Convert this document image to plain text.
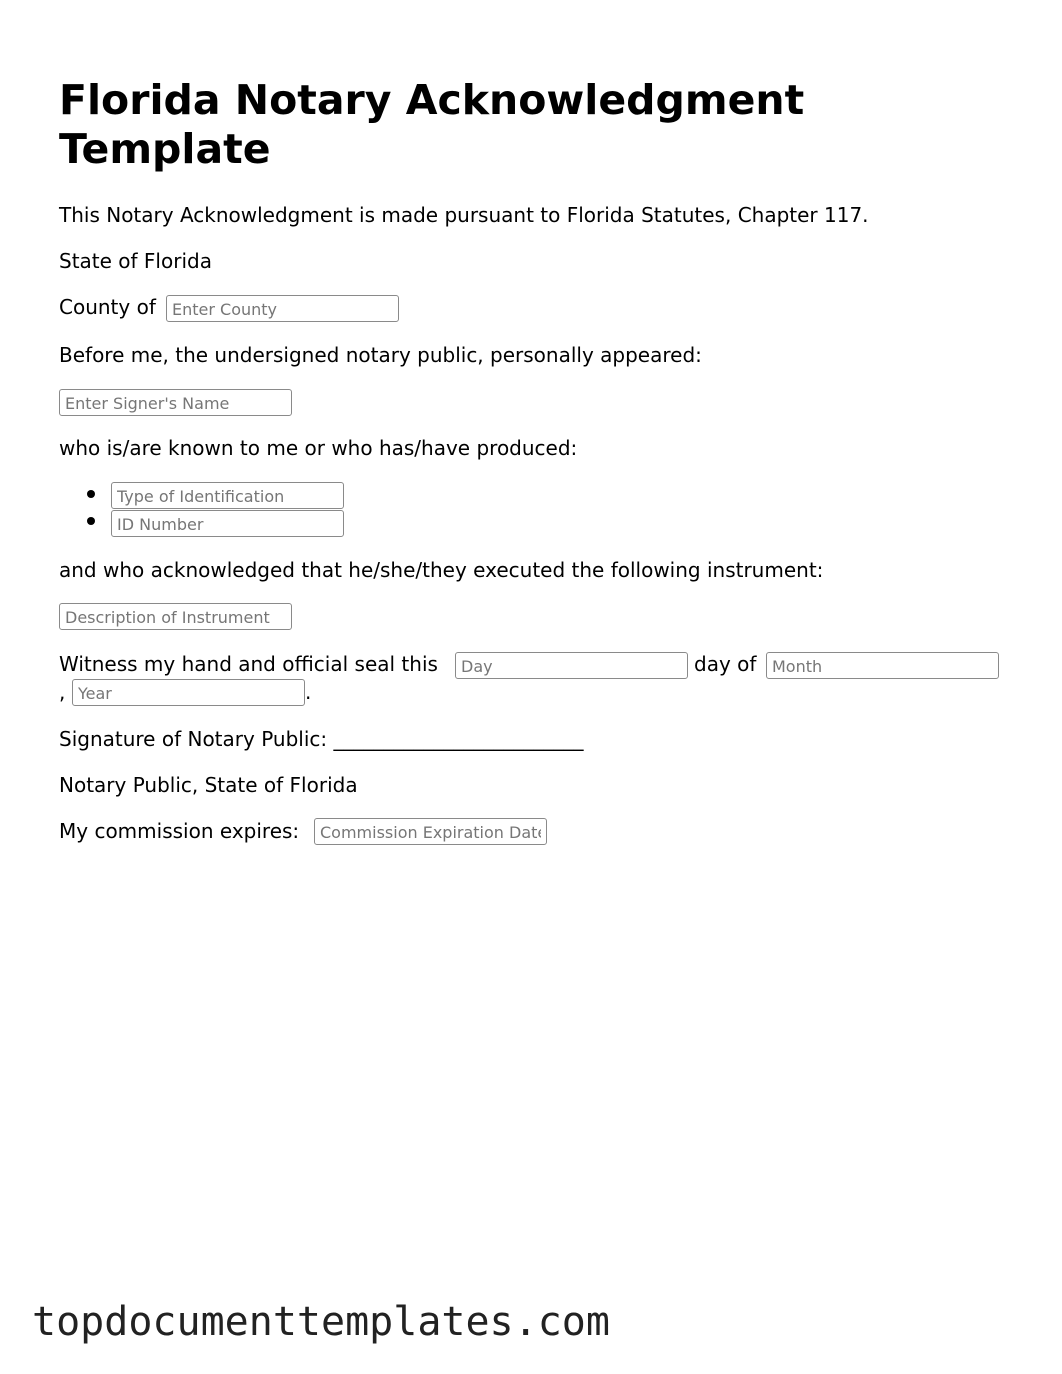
Florida Notary Acknowledgment Template
This Notary Acknowledgment is made pursuant to Florida Statutes, Chapter 117.
State of Florida
County of
Enter County
Before me, the undersigned notary public, personally appeared:
Enter Signer's Name
who is/are known to me or who has/have produced:
Type of Identification
ID Number
and who acknowledged that he/she/they executed the following instrument:
Description of Instrument
Witness my hand and official seal this
Day	day of
Month
,
Year	.
Signature of Notary Public: _________________________
Notary Public, State of Florida
My commission expires:
Commission Expiration Date
topdocumenttemplates.com
